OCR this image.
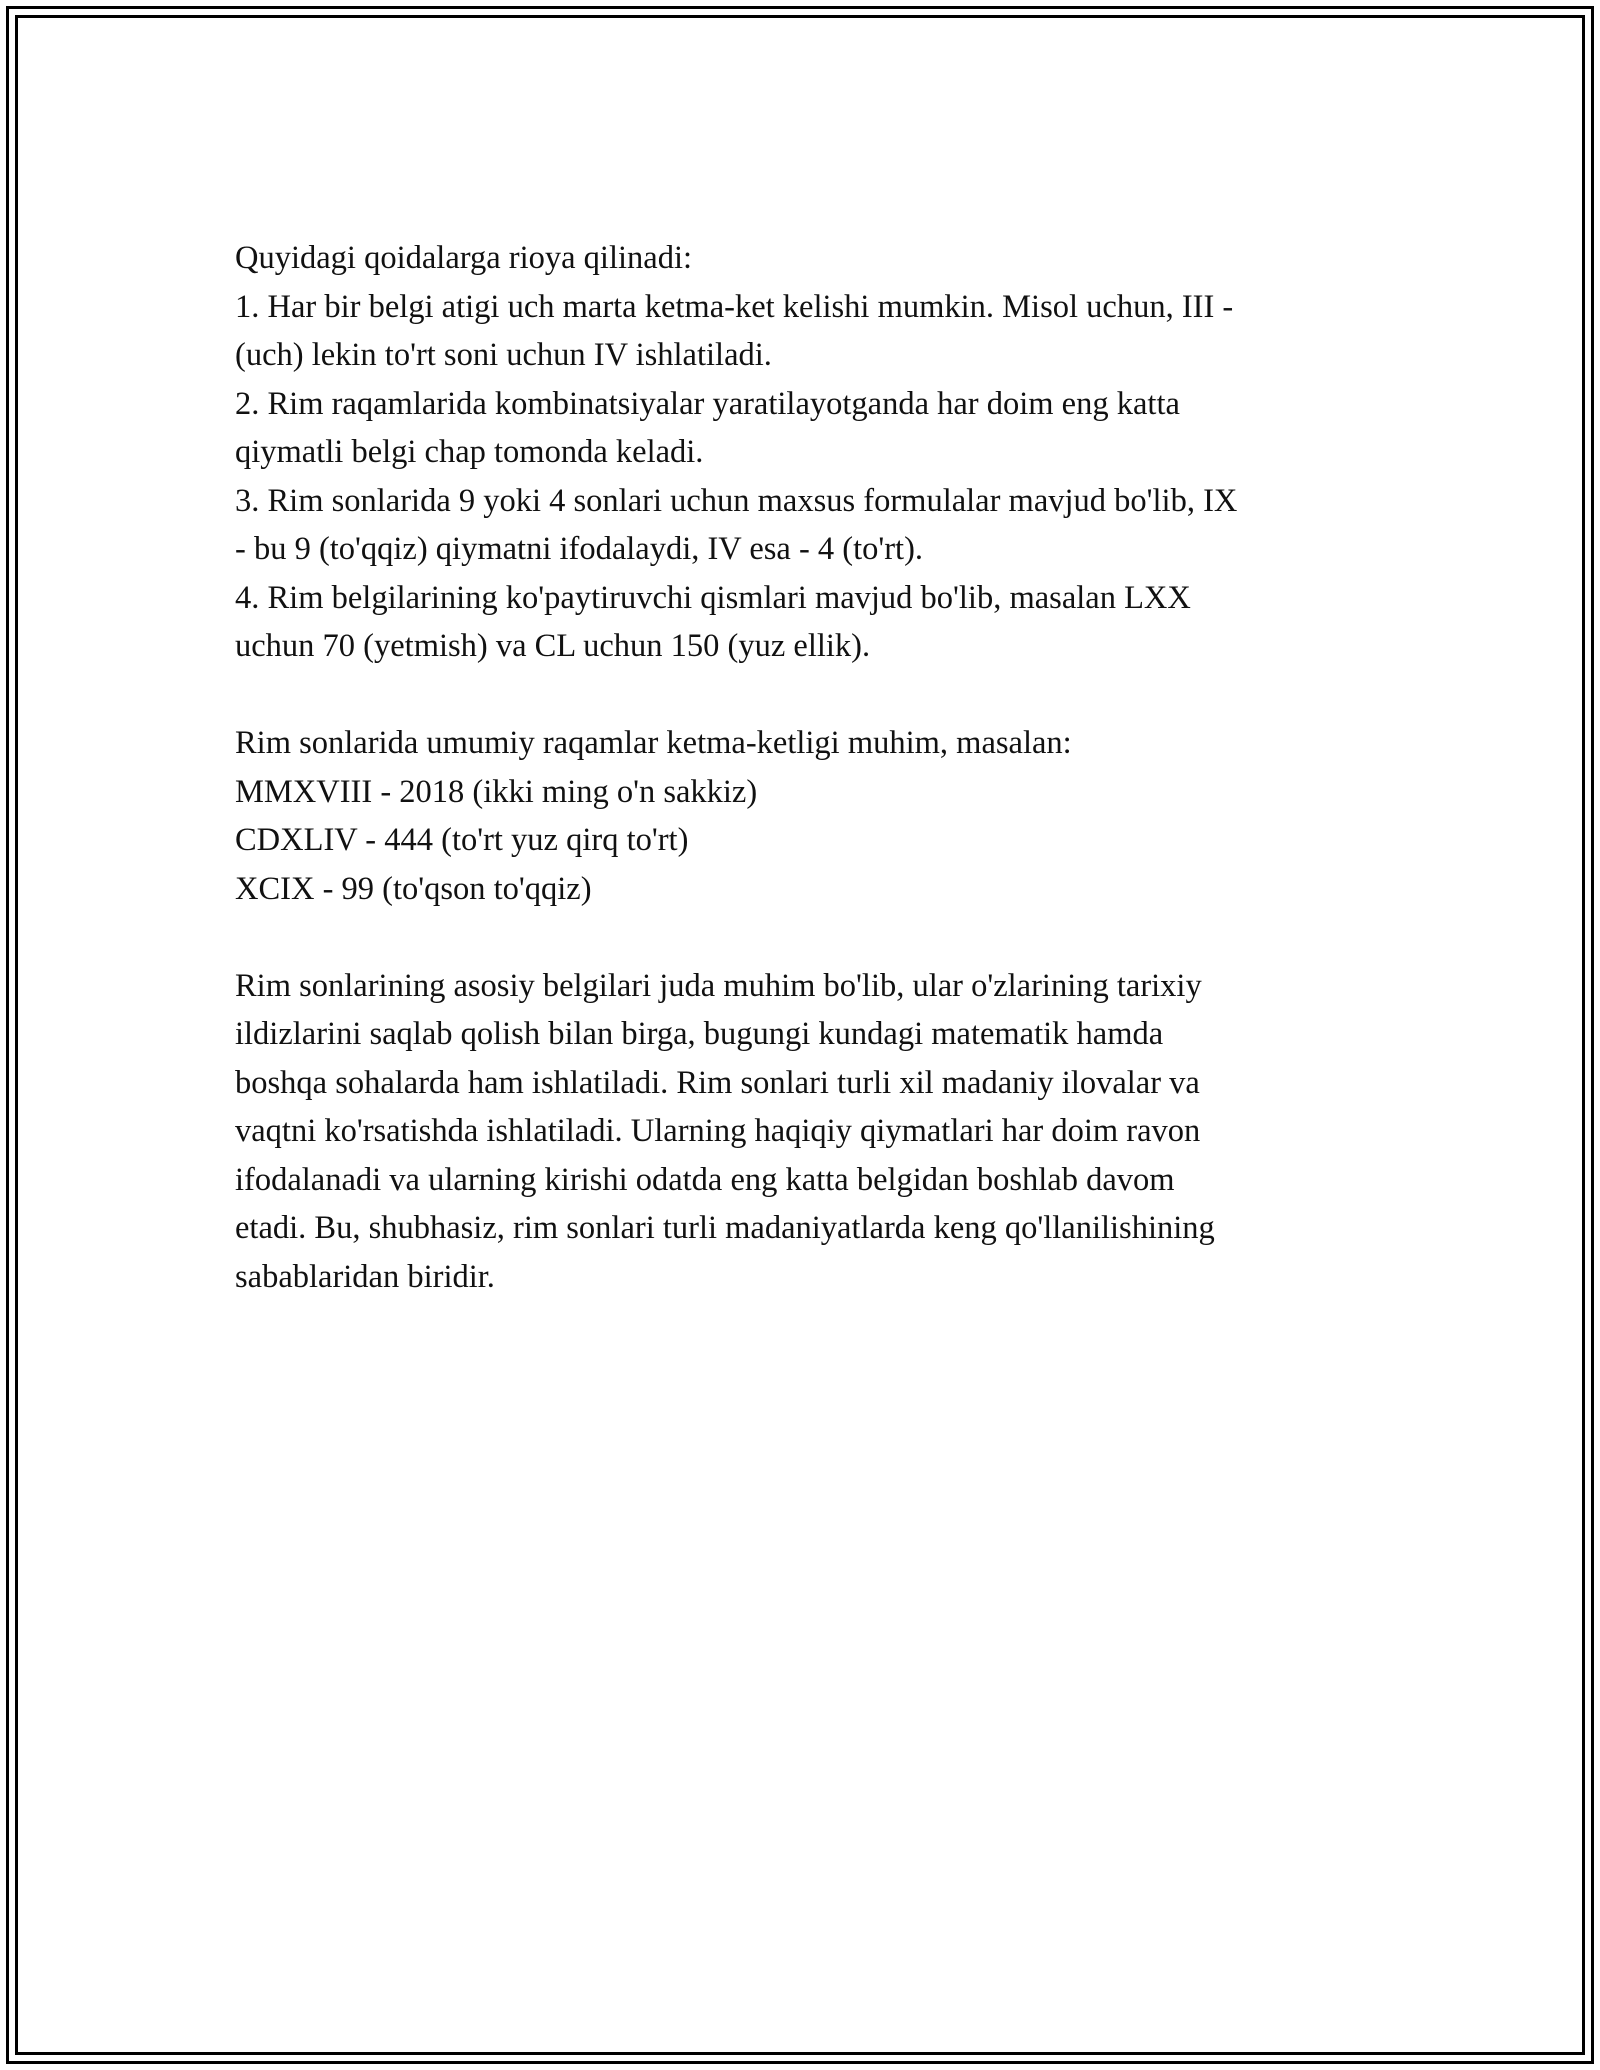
Quyidagi qoidalarga rioya qilinadi:
1. Har bir belgi atigi uch marta ketma-ket kelishi mumkin. Misol uchun, III -
(uch) lekin to'rt soni uchun IV ishlatiladi.
2. Rim raqamlarida kombinatsiyalar yaratilayotganda har doim eng katta
qiymatli belgi chap tomonda keladi.
3. Rim sonlarida 9 yoki 4 sonlari uchun maxsus formulalar mavjud bo'lib, IX
- bu 9 (to'qqiz) qiymatni ifodalaydi, IV esa - 4 (to'rt).
4. Rim belgilarining ko'paytiruvchi qismlari mavjud bo'lib, masalan LXX
uchun 70 (yetmish) va CL uchun 150 (yuz ellik).
Rim sonlarida umumiy raqamlar ketma-ketligi muhim, masalan:
MMXVIII - 2018 (ikki ming o'n sakkiz)
CDXLIV - 444 (to'rt yuz qirq to'rt)
XCIX - 99 (to'qson to'qqiz)
Rim sonlarining asosiy belgilari juda muhim bo'lib, ular o'zlarining tarixiy
ildizlarini saqlab qolish bilan birga, bugungi kundagi matematik hamda
boshqa sohalarda ham ishlatiladi. Rim sonlari turli xil madaniy ilovalar va
vaqtni ko'rsatishda ishlatiladi. Ularning haqiqiy qiymatlari har doim ravon
ifodalanadi va ularning kirishi odatda eng katta belgidan boshlab davom
etadi. Bu, shubhasiz, rim sonlari turli madaniyatlarda keng qo'llanilishining
sabablaridan biridir.
